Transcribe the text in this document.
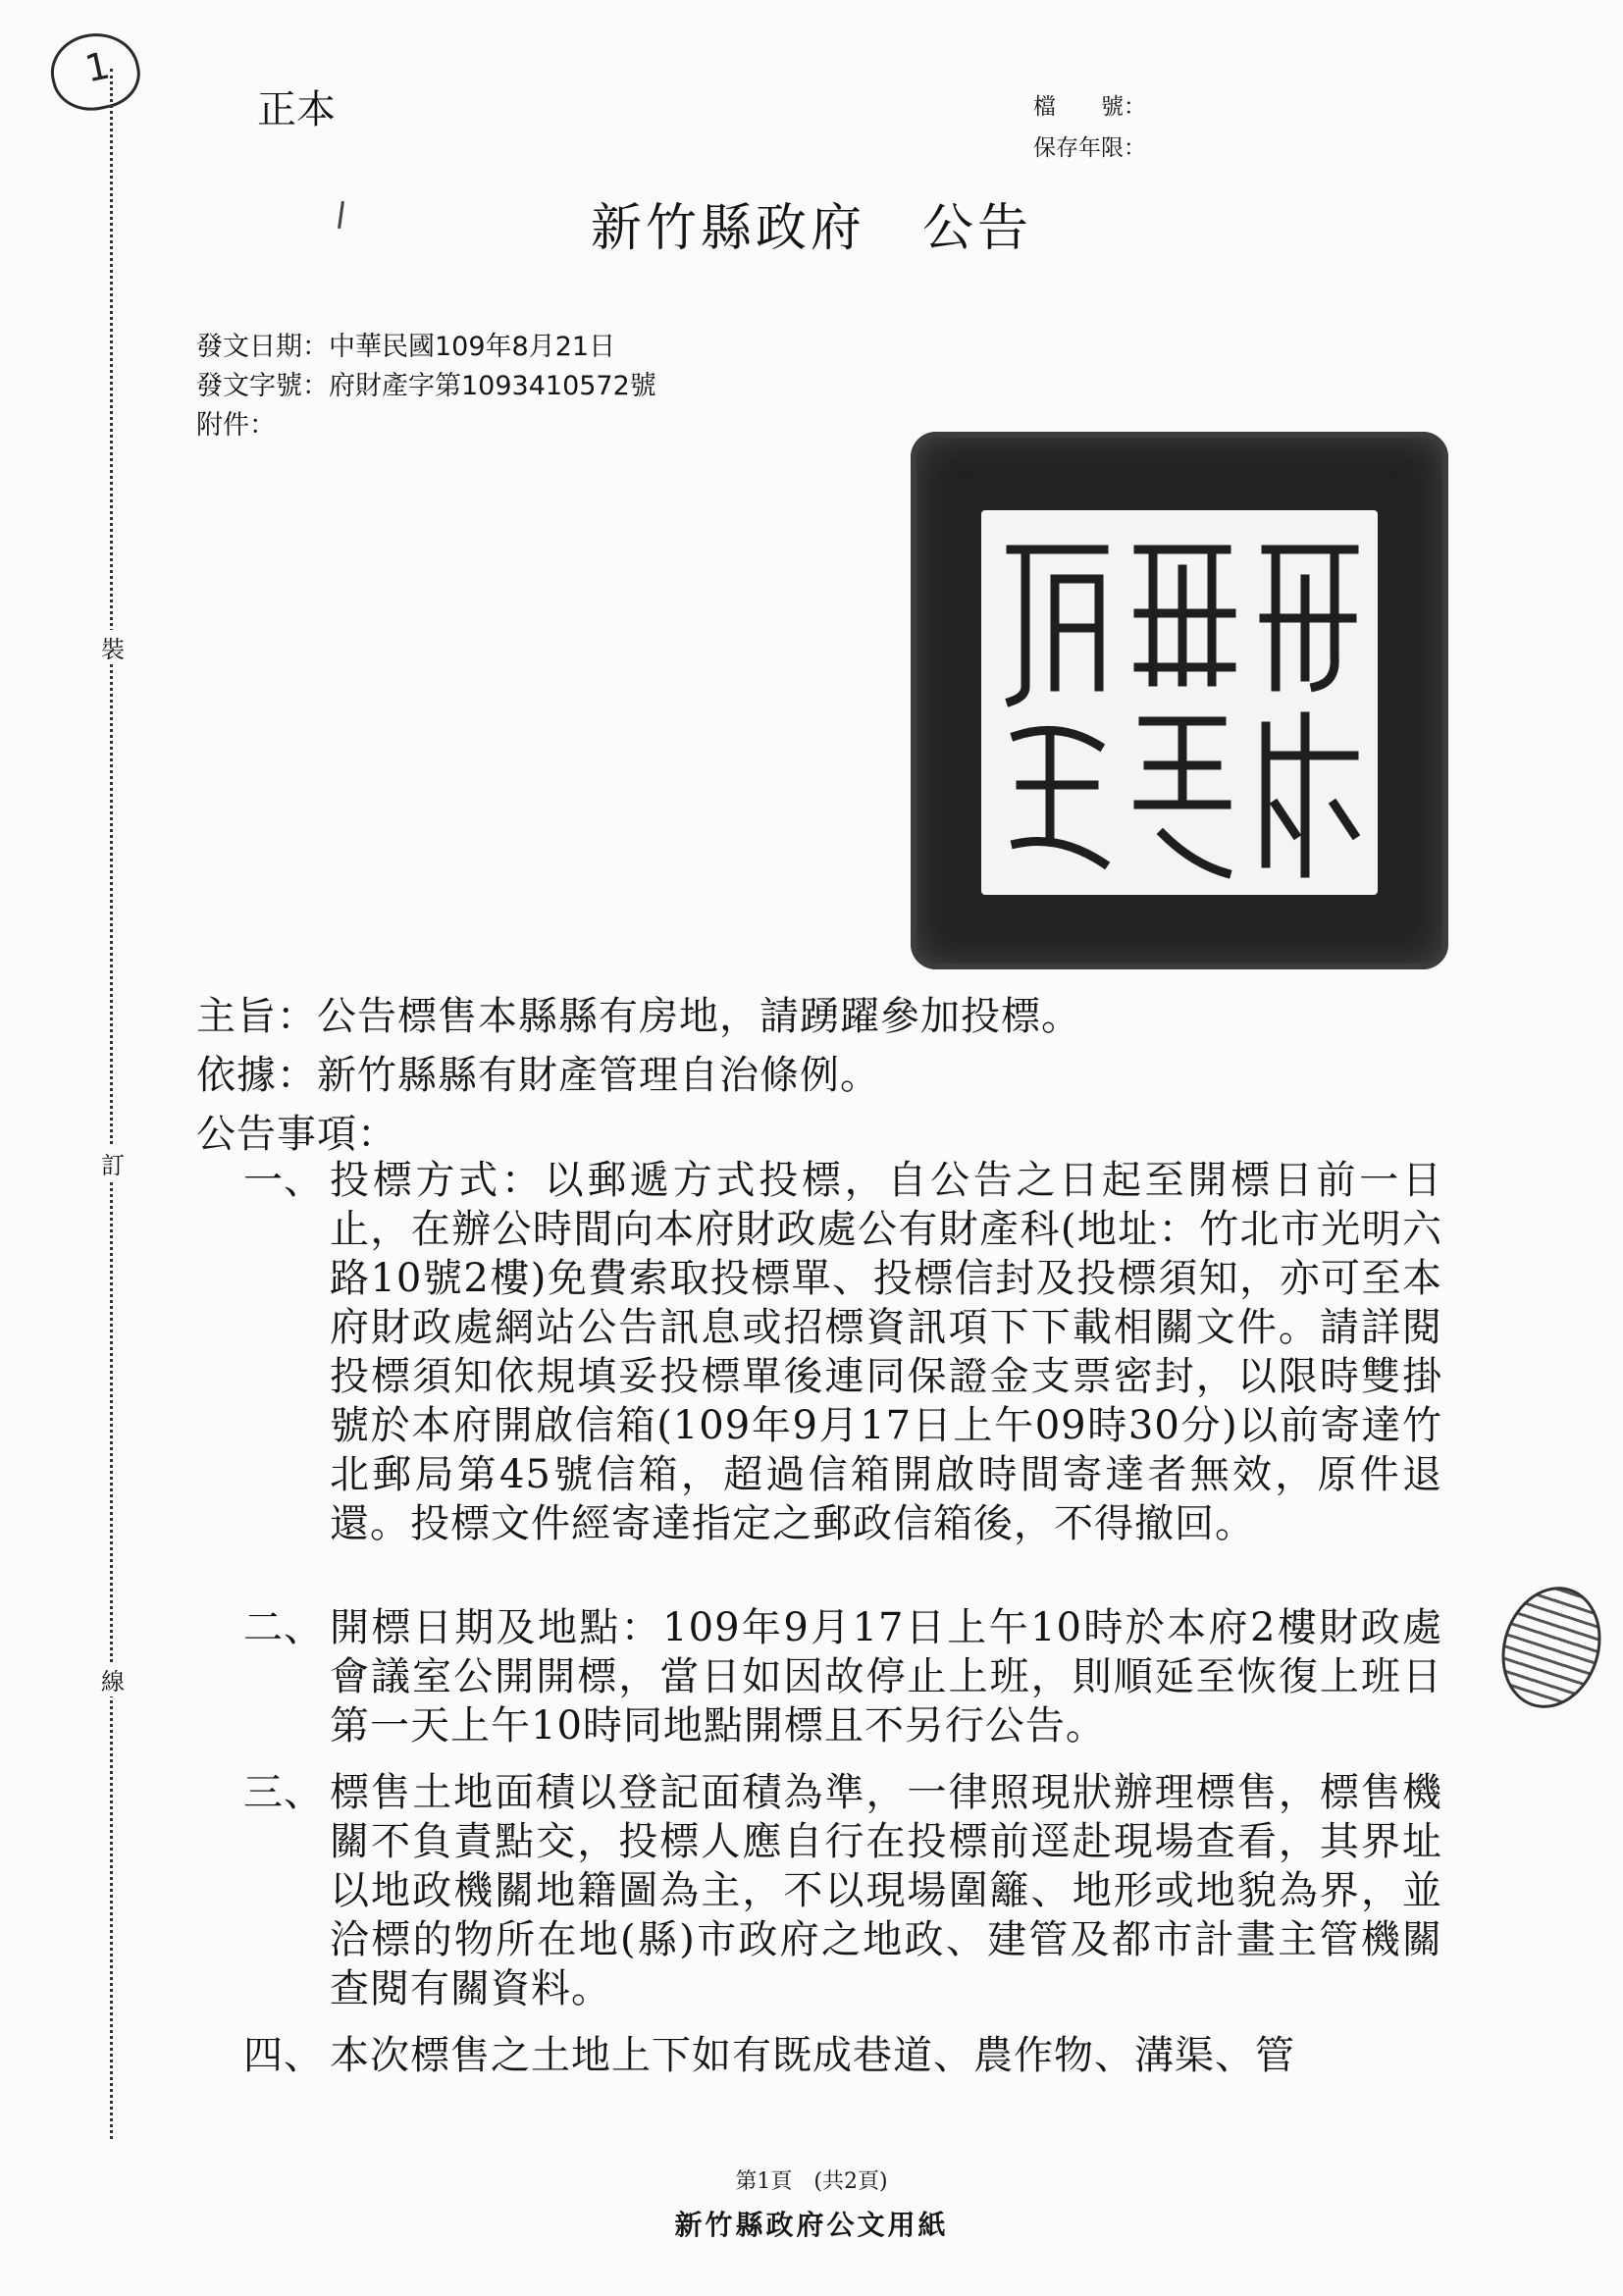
1
裝
訂
線
正本	檔　　號：
保存年限：
新竹縣政府 公告
發文日期：中華民國109年8月21日
發文字號：府財產字第1093410572號
附件：
主旨：公告標售本縣縣有房地，請踴躍參加投標。
依據：新竹縣縣有財產管理自治條例。
公告事項：
一、 投標方式：以郵遞方式投標，自公告之日起至開標日前一日止，在辦公時間向本府財政處公有財產科(地址：竹北市光明六路10號2樓)免費索取投標單、投標信封及投標須知，亦可至本府財政處網站公告訊息或招標資訊項下下載相關文件。請詳閱投標須知依規填妥投標單後連同保證金支票密封，以限時雙掛號於本府開啟信箱(109年9月17日上午09時30分)以前寄達竹北郵局第45號信箱，超過信箱開啟時間寄達者無效，原件退還。投標文件經寄達指定之郵政信箱後，不得撤回。
二、 開標日期及地點：109年9月17日上午10時於本府2樓財政處會議室公開開標，當日如因故停止上班，則順延至恢復上班日第一天上午10時同地點開標且不另行公告。
三、 標售土地面積以登記面積為準，一律照現狀辦理標售，標售機關不負責點交，投標人應自行在投標前逕赴現場查看，其界址以地政機關地籍圖為主，不以現場圍籬、地形或地貌為界，並洽標的物所在地(縣)市政府之地政、建管及都市計畫主管機關查閱有關資料。
四、 本次標售之土地上下如有既成巷道、農作物、溝渠、管
第1頁　(共2頁)
新竹縣政府公文用紙
